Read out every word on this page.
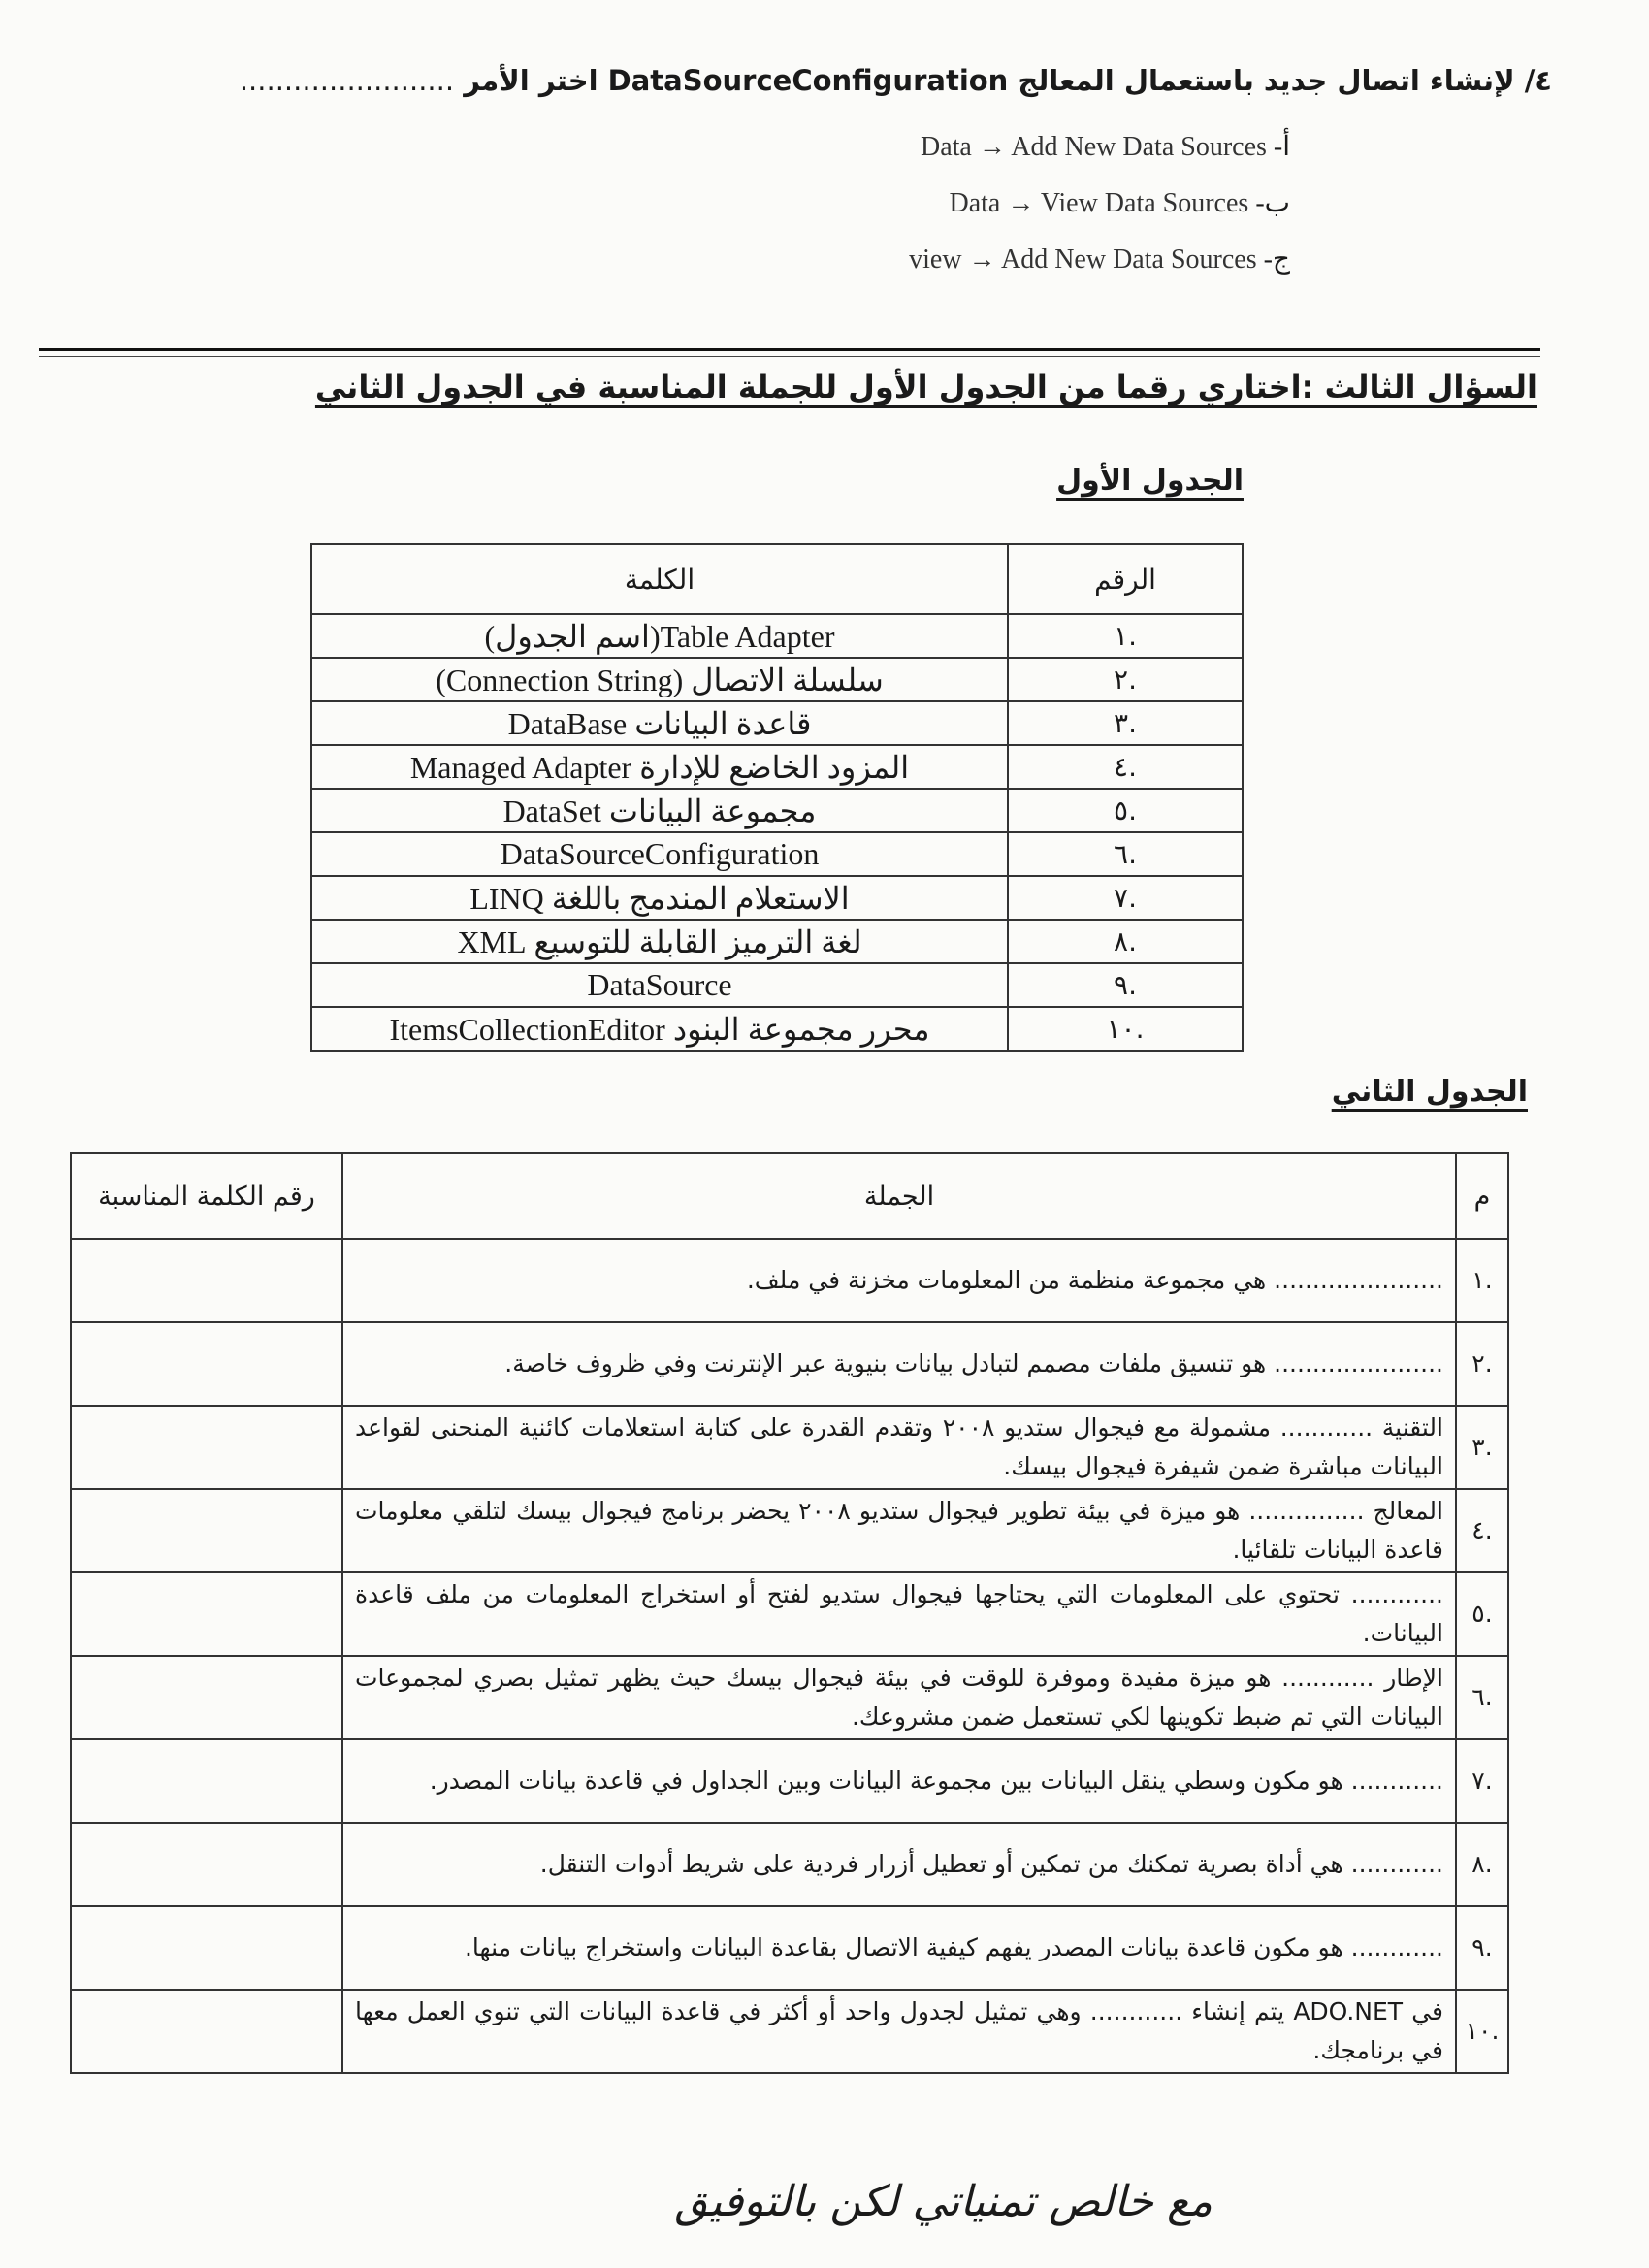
٤/ لإنشاء اتصال جديد باستعمال المعالج DataSourceConfiguration اختر الأمر ........................
أ- Data → Add New Data Sources
ب- Data → View Data Sources
ج- view → Add New Data Sources
السؤال الثالث :اختاري رقما من الجدول الأول للجملة المناسبة في الجدول الثاني
الجدول الأول
الرقم	الكلمة
.١	Table Adapter(اسم الجدول)
.٢	سلسلة الاتصال (Connection String)
.٣	قاعدة البيانات DataBase
.٤	المزود الخاضع للإدارة Managed Adapter
.٥	مجموعة البيانات DataSet
.٦	DataSourceConfiguration
.٧	الاستعلام المندمج باللغة LINQ
.٨	لغة الترميز القابلة للتوسيع XML
.٩	DataSource
.١٠	محرر مجموعة البنود ItemsCollectionEditor
الجدول الثاني
م	الجملة	رقم الكلمة المناسبة
.١	...................... هي مجموعة منظمة من المعلومات مخزنة في ملف.	
.٢	...................... هو تنسيق ملفات مصمم لتبادل بيانات بنيوية عبر الإنترنت وفي ظروف خاصة.	
.٣	التقنية ............ مشمولة مع فيجوال ستديو ٢٠٠٨ وتقدم القدرة على كتابة استعلامات كائنية المنحنى لقواعد البيانات مباشرة ضمن شيفرة فيجوال بيسك.	
.٤	المعالج ............... هو ميزة في بيئة تطوير فيجوال ستديو ٢٠٠٨ يحضر برنامج فيجوال بيسك لتلقي معلومات قاعدة البيانات تلقائيا.	
.٥	............ تحتوي على المعلومات التي يحتاجها فيجوال ستديو لفتح أو استخراج المعلومات من ملف قاعدة البيانات.	
.٦	الإطار ............ هو ميزة مفيدة وموفرة للوقت في بيئة فيجوال بيسك حيث يظهر تمثيل بصري لمجموعات البيانات التي تم ضبط تكوينها لكي تستعمل ضمن مشروعك.	
.٧	............ هو مكون وسطي ينقل البيانات بين مجموعة البيانات وبين الجداول في قاعدة بيانات المصدر.	
.٨	............ هي أداة بصرية تمكنك من تمكين أو تعطيل أزرار فردية على شريط أدوات التنقل.	
.٩	............ هو مكون قاعدة بيانات المصدر يفهم كيفية الاتصال بقاعدة البيانات واستخراج بيانات منها.	
.١٠	في ADO.NET يتم إنشاء ............ وهي تمثيل لجدول واحد أو أكثر في قاعدة البيانات التي تنوي العمل معها في برنامجك.	
مع خالص تمنياتي لكن بالتوفيق
